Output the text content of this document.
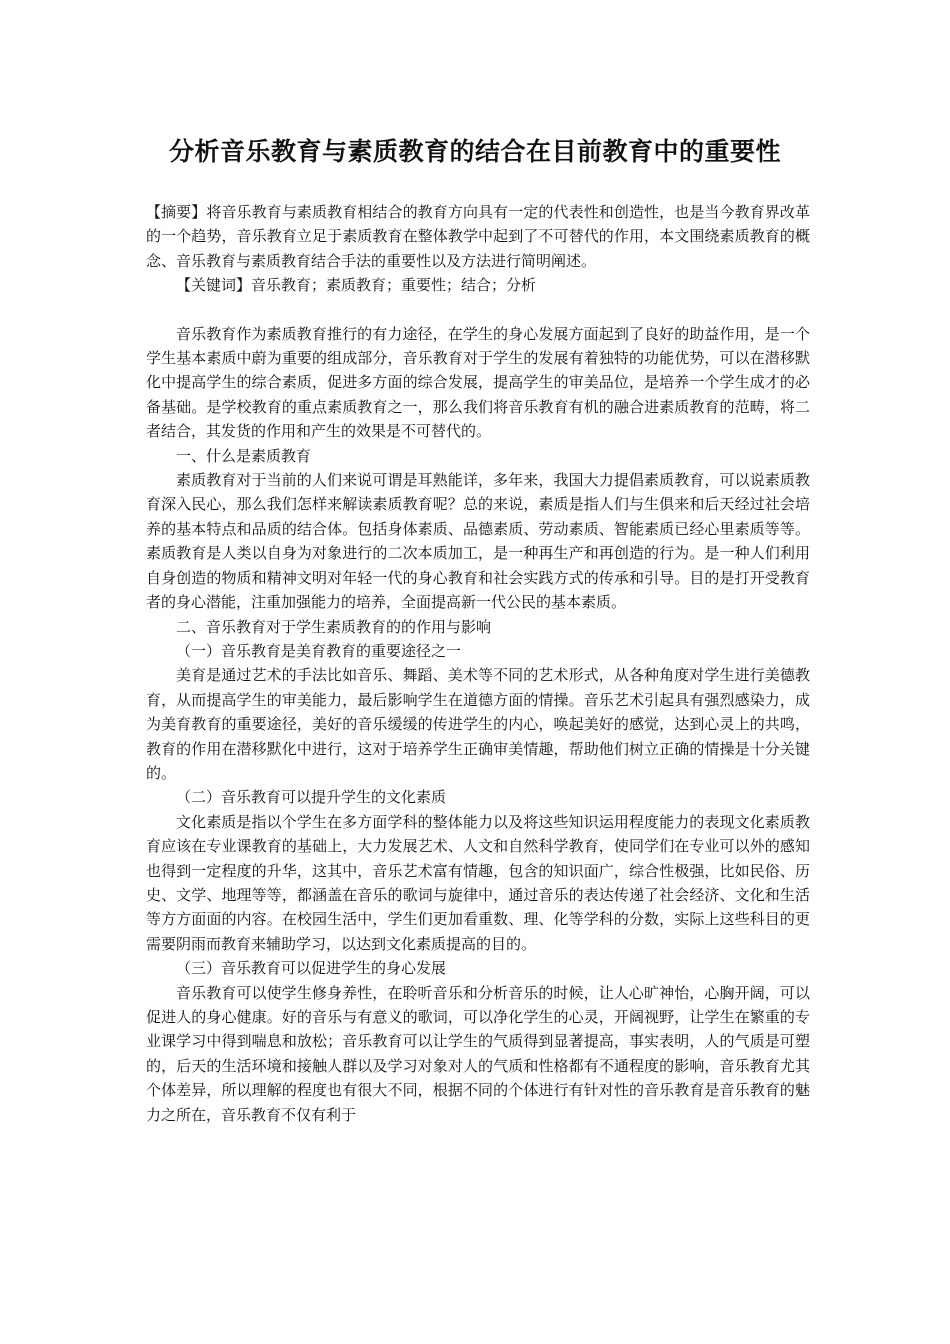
分析音乐教育与素质教育的结合在目前教育中的重要性

【摘要】将音乐教育与素质教育相结合的教育方向具有一定的代表性和创造性，也是当今教育界改革的一个趋势，音乐教育立足于素质教育在整体教学中起到了不可替代的作用，本文围绕素质教育的概念、音乐教育与素质教育结合手法的重要性以及方法进行简明阐述。

【关键词】音乐教育；素质教育；重要性；结合；分析

音乐教育作为素质教育推行的有力途径，在学生的身心发展方面起到了良好的助益作用，是一个学生基本素质中蔚为重要的组成部分，音乐教育对于学生的发展有着独特的功能优势，可以在潜移默化中提高学生的综合素质，促进多方面的综合发展，提高学生的审美品位，是培养一个学生成才的必备基础。是学校教育的重点素质教育之一，那么我们将音乐教育有机的融合进素质教育的范畴，将二者结合，其发货的作用和产生的效果是不可替代的。

一、什么是素质教育

素质教育对于当前的人们来说可谓是耳熟能详，多年来，我国大力提倡素质教育，可以说素质教育深入民心，那么我们怎样来解读素质教育呢？总的来说，素质是指人们与生俱来和后天经过社会培养的基本特点和品质的结合体。包括身体素质、品德素质、劳动素质、智能素质已经心里素质等等。素质教育是人类以自身为对象进行的二次本质加工，是一种再生产和再创造的行为。是一种人们利用自身创造的物质和精神文明对年轻一代的身心教育和社会实践方式的传承和引导。目的是打开受教育者的身心潜能，注重加强能力的培养，全面提高新一代公民的基本素质。

二、音乐教育对于学生素质教育的的作用与影响

（一）音乐教育是美育教育的重要途径之一

美育是通过艺术的手法比如音乐、舞蹈、美术等不同的艺术形式，从各种角度对学生进行美德教育，从而提高学生的审美能力，最后影响学生在道德方面的情操。音乐艺术引起具有强烈感染力，成为美育教育的重要途径，美好的音乐缓缓的传进学生的内心，唤起美好的感觉，达到心灵上的共鸣，教育的作用在潜移默化中进行，这对于培养学生正确审美情趣，帮助他们树立正确的情操是十分关键的。

（二）音乐教育可以提升学生的文化素质

文化素质是指以个学生在多方面学科的整体能力以及将这些知识运用程度能力的表现文化素质教育应该在专业课教育的基础上，大力发展艺术、人文和自然科学教育，使同学们在专业可以外的感知也得到一定程度的升华，这其中，音乐艺术富有情趣，包含的知识面广，综合性极强，比如民俗、历史、文学、地理等等，都涵盖在音乐的歌词与旋律中，通过音乐的表达传递了社会经济、文化和生活等方方面面的内容。在校园生活中，学生们更加看重数、理、化等学科的分数，实际上这些科目的更需要阴雨而教育来辅助学习，以达到文化素质提高的目的。

（三）音乐教育可以促进学生的身心发展

音乐教育可以使学生修身养性，在聆听音乐和分析音乐的时候，让人心旷神怡，心胸开阔，可以促进人的身心健康。好的音乐与有意义的歌词，可以净化学生的心灵，开阔视野，让学生在繁重的专业课学习中得到喘息和放松；音乐教育可以让学生的气质得到显著提高，事实表明，人的气质是可塑的，后天的生活环境和接触人群以及学习对象对人的气质和性格都有不通程度的影响，音乐教育尤其个体差异，所以理解的程度也有很大不同，根据不同的个体进行有针对性的音乐教育是音乐教育的魅力之所在，音乐教育不仅有利于
